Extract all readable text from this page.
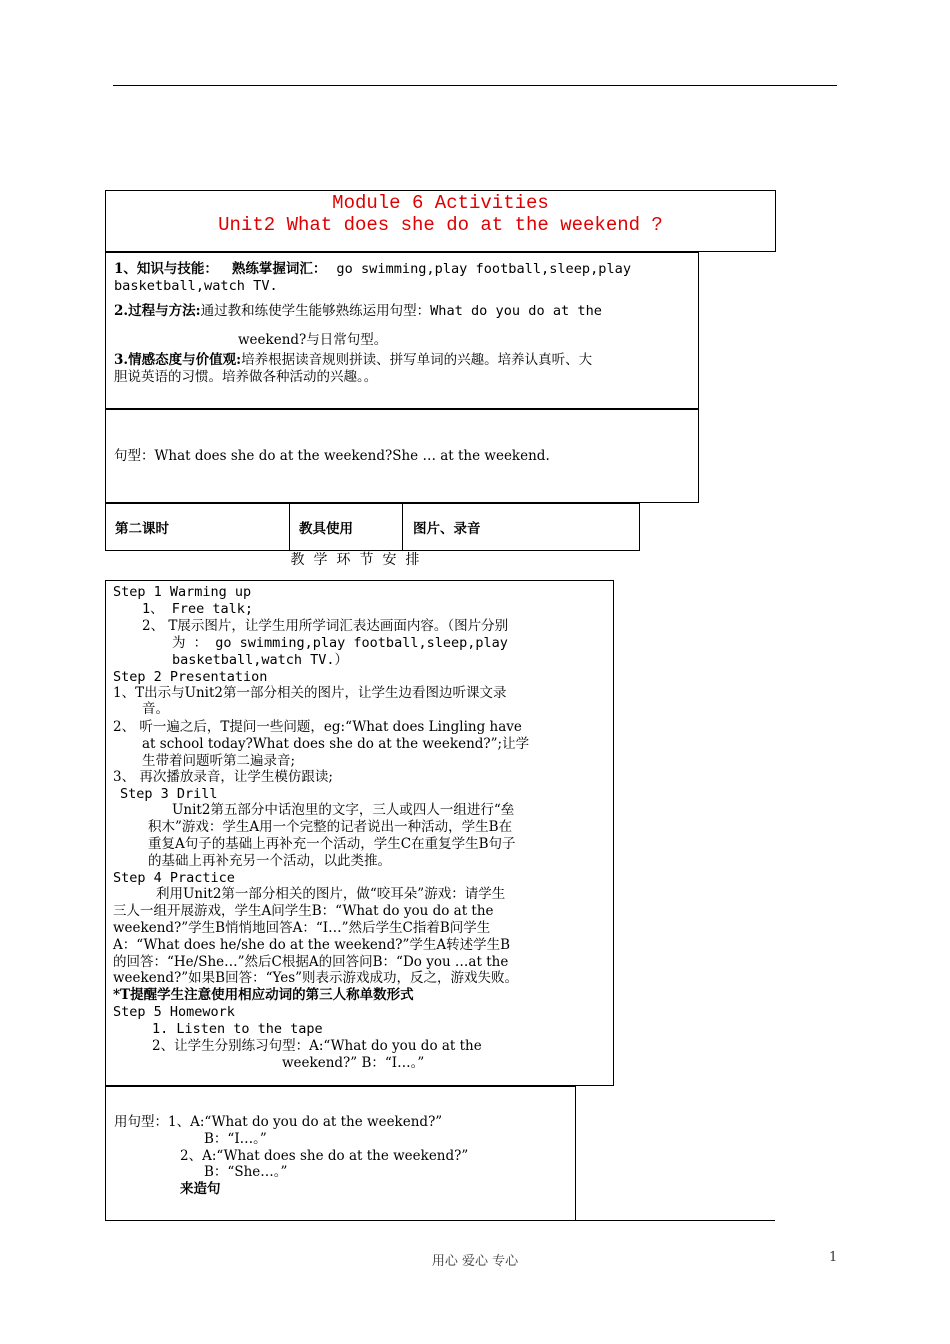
Module 6 Activities
Unit2 What does she do at the weekend ?
1、知识与技能： 熟练掌握词汇： go swimming,play football,sleep,play
basketball,watch TV.
2.过程与方法:通过教和练使学生能够熟练运用句型：What do you do at the
weekend?与日常句型。
3.情感态度与价值观:培养根据读音规则拼读、拼写单词的兴趣。培养认真听、大
胆说英语的习惯。培养做各种活动的兴趣。。
句型：What does she do at the weekend?She … at the weekend.
第二课时	教具使用	图片、录音
教学环节安排
Step 1 Warming up
1、 Free talk;
2、 T展示图片，让学生用所学词汇表达画面内容。（图片分别
为 ： go swimming,play football,sleep,play
basketball,watch TV.）
Step 2 Presentation
1、T出示与Unit2第一部分相关的图片，让学生边看图边听课文录
音。
2、 听一遍之后，T提问一些问题，eg:“What does Lingling have
at school today?What does she do at the weekend?”;让学
生带着问题听第二遍录音;
3、 再次播放录音，让学生模仿跟读;
Step 3 Drill
Unit2第五部分中话泡里的文字，三人或四人一组进行“垒
积木”游戏：学生A用一个完整的记者说出一种活动，学生B在
重复A句子的基础上再补充一个活动，学生C在重复学生B句子
的基础上再补充另一个活动，以此类推。
Step 4 Practice
利用Unit2第一部分相关的图片，做“咬耳朵”游戏：请学生
三人一组开展游戏，学生A问学生B：“What do you do at the
weekend?”学生B悄悄地回答A：“I…”然后学生C指着B问学生
A：“What does he/she do at the weekend?”学生A转述学生B
的回答：“He/She…”然后C根据A的回答问B：“Do you …at the
weekend?”如果B回答：“Yes”则表示游戏成功，反之，游戏失败。
*T提醒学生注意使用相应动词的第三人称单数形式
Step 5 Homework
1. Listen to the tape
2、让学生分别练习句型：A:“What do you do at the
weekend?” B：“I…。”
用句型：1、A:“What do you do at the weekend?”
B：“I…。”
2、A:“What does she do at the weekend?”
B：“She…。”
来造句
用心 爱心 专心	1
